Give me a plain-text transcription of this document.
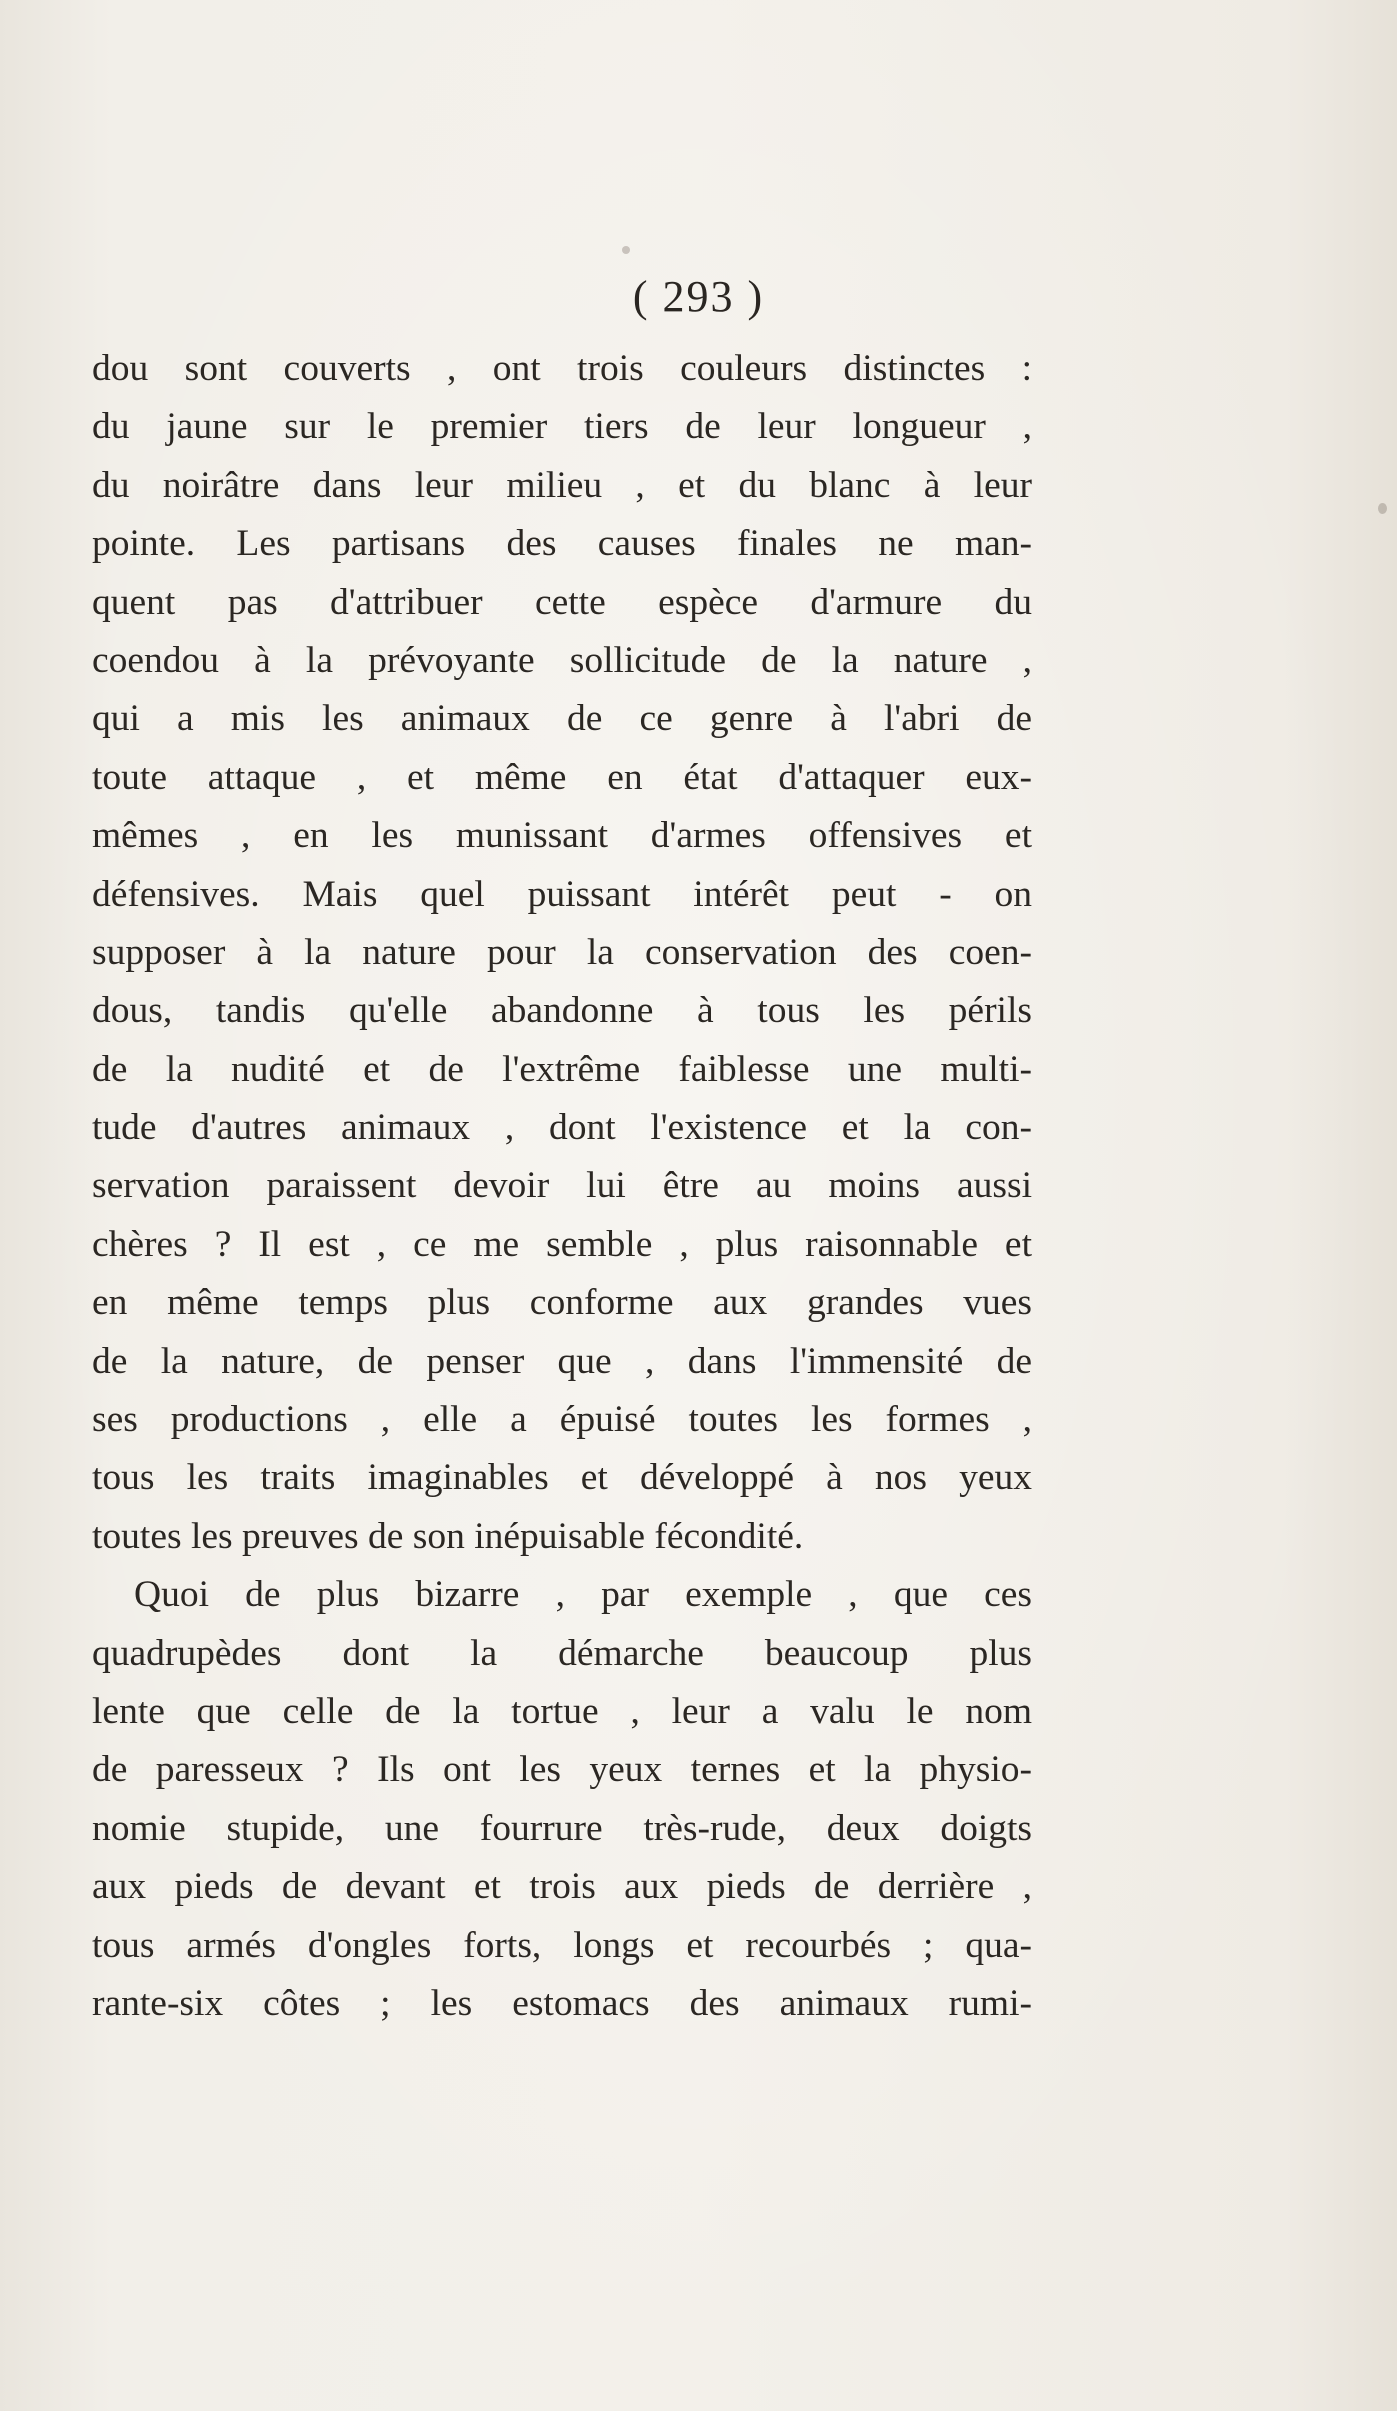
( 293 )
dou sont couverts , ont trois couleurs distinctes :
du jaune sur le premier tiers de leur longueur ,
du noirâtre dans leur milieu , et du blanc à leur
pointe. Les partisans des causes finales ne man-
quent pas d'attribuer cette espèce d'armure du
coendou à la prévoyante sollicitude de la nature ,
qui a mis les animaux de ce genre à l'abri de
toute attaque , et même en état d'attaquer eux-
mêmes , en les munissant d'armes offensives et
défensives. Mais quel puissant intérêt peut - on
supposer à la nature pour la conservation des coen-
dous, tandis qu'elle abandonne à tous les périls
de la nudité et de l'extrême faiblesse une multi-
tude d'autres animaux , dont l'existence et la con-
servation paraissent devoir lui être au moins aussi
chères ? Il est , ce me semble , plus raisonnable et
en même temps plus conforme aux grandes vues
de la nature, de penser que , dans l'immensité de
ses productions , elle a épuisé toutes les formes ,
tous les traits imaginables et développé à nos yeux
toutes les preuves de son inépuisable fécondité.
Quoi de plus bizarre , par exemple , que ces
quadrupèdes dont la démarche beaucoup plus
lente que celle de la tortue , leur a valu le nom
de paresseux ? Ils ont les yeux ternes et la physio-
nomie stupide, une fourrure très-rude, deux doigts
aux pieds de devant et trois aux pieds de derrière ,
tous armés d'ongles forts, longs et recourbés ; qua-
rante-six côtes ; les estomacs des animaux rumi-
